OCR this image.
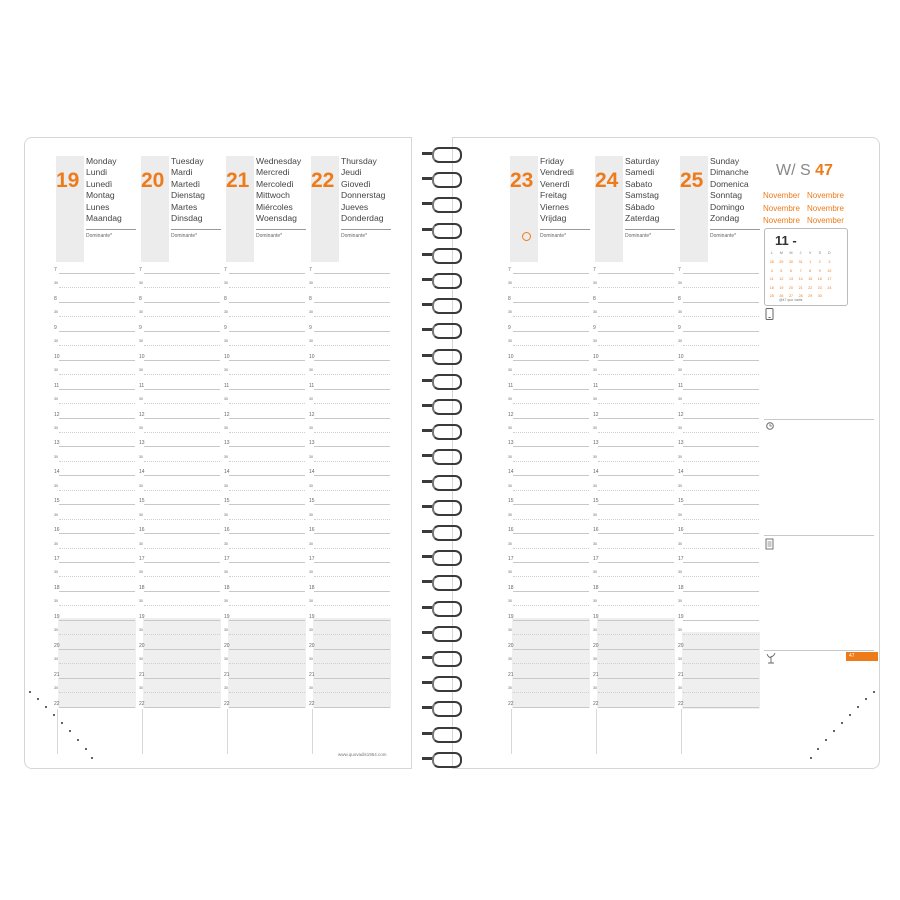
19
Monday
Lundi
Lunedì
Montag
Lunes
Maandag
Dominante*
7
30
8
30
9
30
10
30
11
30
12
30
13
30
14
30
15
30
16
30
17
30
18
30
19
30
20
30
21
30
22
20
Tuesday
Mardi
Martedì
Dienstag
Martes
Dinsdag
Dominante*
7
30
8
30
9
30
10
30
11
30
12
30
13
30
14
30
15
30
16
30
17
30
18
30
19
30
20
30
21
30
22
21
Wednesday
Mercredi
Mercoledì
Mittwoch
Miércoles
Woensdag
Dominante*
7
30
8
30
9
30
10
30
11
30
12
30
13
30
14
30
15
30
16
30
17
30
18
30
19
30
20
30
21
30
22
22
Thursday
Jeudi
Giovedì
Donnerstag
Jueves
Donderdag
Dominante*
7
30
8
30
9
30
10
30
11
30
12
30
13
30
14
30
15
30
16
30
17
30
18
30
19
30
20
30
21
30
22
23
Friday
Vendredi
Venerdì
Freitag
Viernes
Vrijdag
Dominante*
7
30
8
30
9
30
10
30
11
30
12
30
13
30
14
30
15
30
16
30
17
30
18
30
19
30
20
30
21
30
22
24
Saturday
Samedi
Sabato
Samstag
Sábado
Zaterdag
Dominante*
7
30
8
30
9
30
10
30
11
30
12
30
13
30
14
30
15
30
16
30
17
30
18
30
19
30
20
30
21
30
22
25
Sunday
Dimanche
Domenica
Sonntag
Domingo
Zondag
Dominante*
7
30
8
30
9
30
10
30
11
30
12
30
13
30
14
30
15
30
16
30
17
30
18
30
19
30
20
30
21
30
22
W/ S 47
November Novembre
Novembre Novembre
Novembre November
11 -
L	M	M	J	V	S	D
28	29	30	31	1	2	3
4	5	6	7	8	9	10
11	12	13	14	15	16	17
18	19	20	21	22	23	24
25	26	27	28	29	30
@47 quo vadis
47
www.quovadis1954.com
